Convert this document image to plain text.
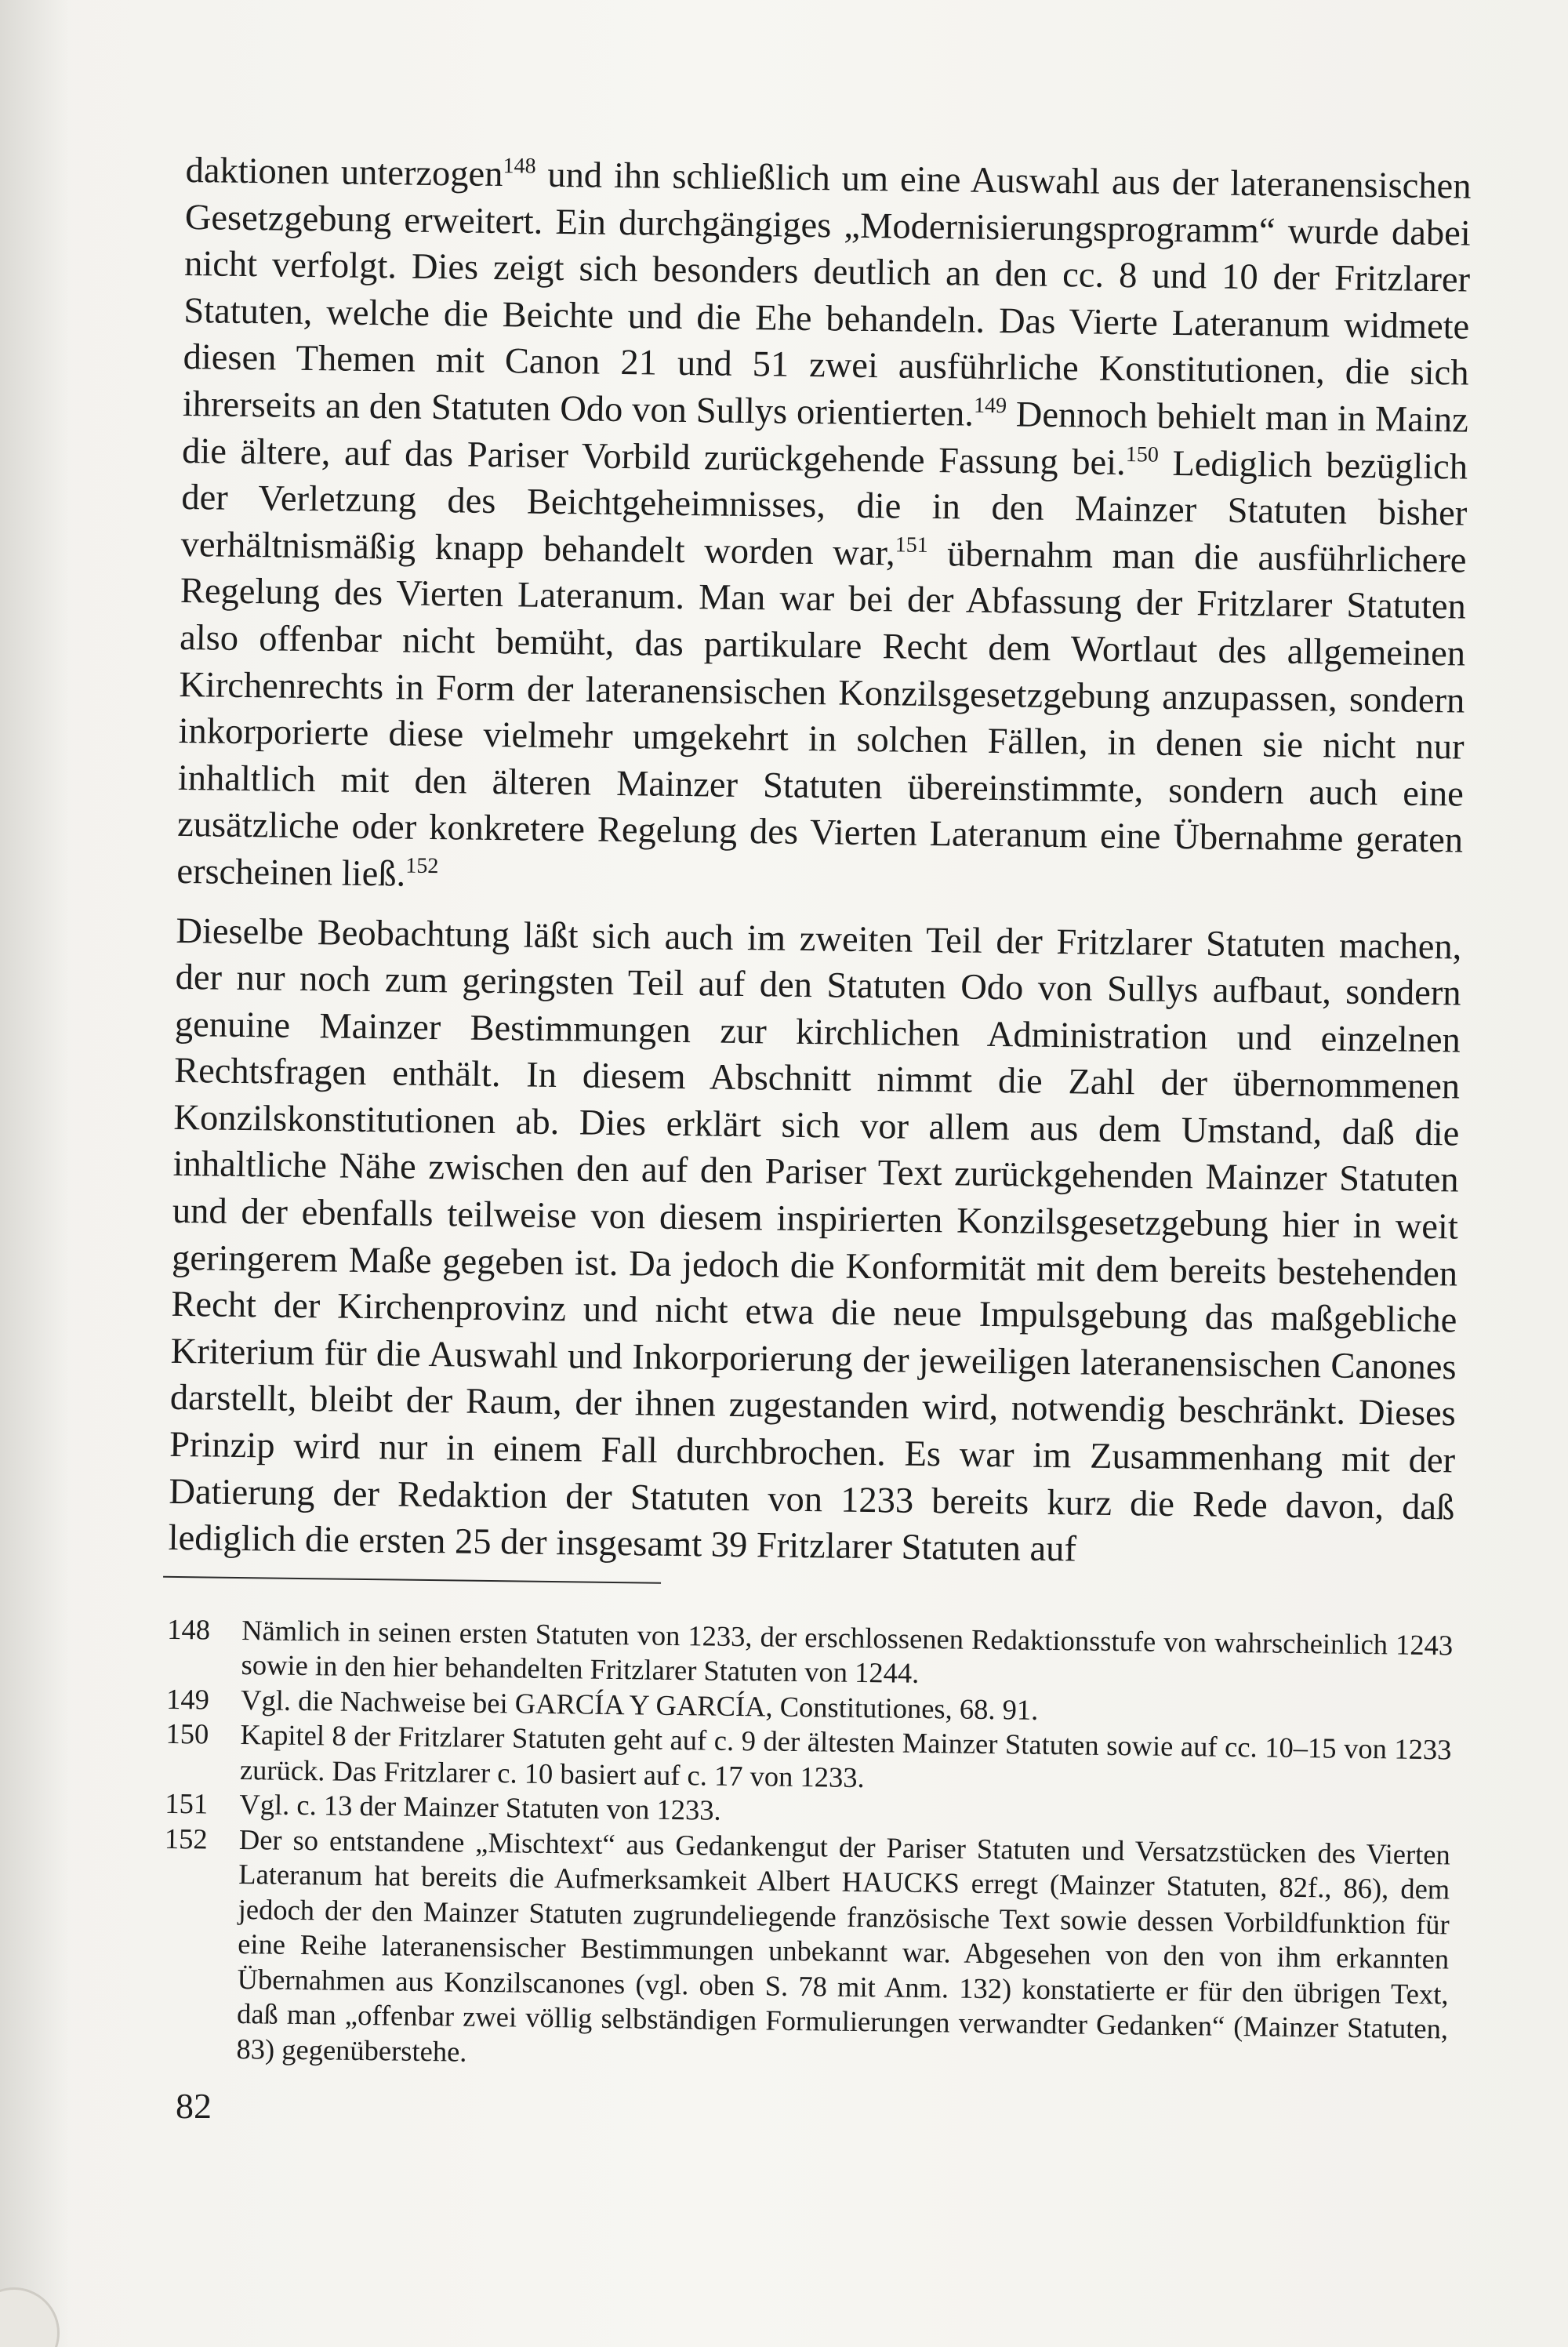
daktionen unterzogen$^{148}$ und ihn schließlich um eine Auswahl aus der lateranensischen Gesetzgebung erweitert. Ein durchgängiges „Modernisierungsprogramm“ wurde dabei nicht verfolgt. Dies zeigt sich besonders deutlich an den cc. 8 und 10 der Fritzlarer Statuten, welche die Beichte und die Ehe behandeln. Das Vierte Lateranum widmete diesen Themen mit Canon 21 und 51 zwei ausführliche Konstitutionen, die sich ihrerseits an den Statuten Odo von Sullys orientierten.$^{149}$ Dennoch behielt man in Mainz die ältere, auf das Pariser Vorbild zurückgehende Fassung bei.$^{150}$ Lediglich bezüglich der Verletzung des Beichtgeheimnisses, die in den Mainzer Statuten bisher verhältnismäßig knapp behandelt worden war,$^{151}$ übernahm man die ausführlichere Regelung des Vierten Lateranum. Man war bei der Abfassung der Fritzlarer Statuten also offenbar nicht bemüht, das partikulare Recht dem Wortlaut des allgemeinen Kirchenrechts in Form der lateranensischen Konzilsgesetzgebung anzupassen, sondern inkorporierte diese vielmehr umgekehrt in solchen Fällen, in denen sie nicht nur inhaltlich mit den älteren Mainzer Statuten übereinstimmte, sondern auch eine zusätzliche oder konkretere Regelung des Vierten Lateranum eine Übernahme geraten erscheinen ließ.$^{152}$

Dieselbe Beobachtung läßt sich auch im zweiten Teil der Fritzlarer Statuten machen, der nur noch zum geringsten Teil auf den Statuten Odo von Sullys aufbaut, sondern genuine Mainzer Bestimmungen zur kirchlichen Administration und einzelnen Rechtsfragen enthält. In diesem Abschnitt nimmt die Zahl der übernommenen Konzilskonstitutionen ab. Dies erklärt sich vor allem aus dem Umstand, daß die inhaltliche Nähe zwischen den auf den Pariser Text zurückgehenden Mainzer Statuten und der ebenfalls teilweise von diesem inspirierten Konzilsgesetzgebung hier in weit geringerem Maße gegeben ist. Da jedoch die Konformität mit dem bereits bestehenden Recht der Kirchenprovinz und nicht etwa die neue Impulsgebung das maßgebliche Kriterium für die Auswahl und Inkorporierung der jeweiligen lateranensischen Canones darstellt, bleibt der Raum, der ihnen zugestanden wird, notwendig beschränkt. Dieses Prinzip wird nur in einem Fall durchbrochen. Es war im Zusammenhang mit der Datierung der Redaktion der Statuten von 1233 bereits kurz die Rede davon, daß lediglich die ersten 25 der insgesamt 39 Fritzlarer Statuten auf

148	Nämlich in seinen ersten Statuten von 1233, der erschlossenen Redaktionsstufe von wahrscheinlich 1243 sowie in den hier behandelten Fritzlarer Statuten von 1244.
149	Vgl. die Nachweise bei GARCÍA Y GARCÍA, Constitutiones, 68. 91.
150	Kapitel 8 der Fritzlarer Statuten geht auf c. 9 der ältesten Mainzer Statuten sowie auf cc. 10–15 von 1233 zurück. Das Fritzlarer c. 10 basiert auf c. 17 von 1233.
151	Vgl. c. 13 der Mainzer Statuten von 1233.
152	Der so entstandene „Mischtext“ aus Gedankengut der Pariser Statuten und Versatzstücken des Vierten Lateranum hat bereits die Aufmerksamkeit Albert HAUCKS erregt (Mainzer Statuten, 82f., 86), dem jedoch der den Mainzer Statuten zugrundeliegende französische Text sowie dessen Vorbildfunktion für eine Reihe lateranensischer Bestimmungen unbekannt war. Abgesehen von den von ihm erkannten Übernahmen aus Konzilscanones (vgl. oben S. 78 mit Anm. 132) konstatierte er für den übrigen Text, daß man „offenbar zwei völlig selbständigen Formulierungen verwandter Gedanken“ (Mainzer Statuten, 83) gegenüberstehe.
82
